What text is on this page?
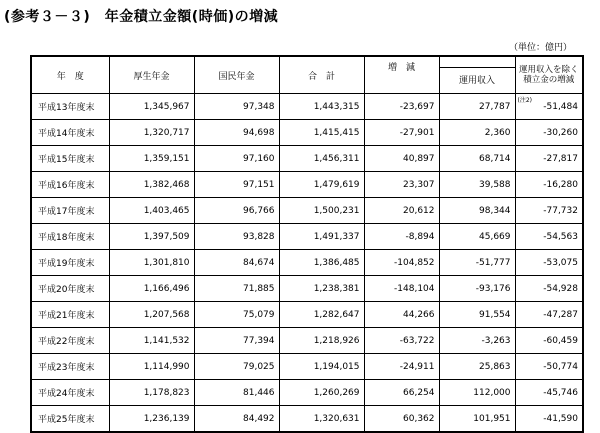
(参考３－３)　年金積立金額(時価)の増減
（単位：億円）
年　度	厚生年金	国民年金	合　計	増　減	運用収入	運用収入を除く積立金の増減

平成13年度末	1,345,967	97,348	1,443,315	-23,697	27,787	-51,484
(注2)

平成14年度末	1,320,717	94,698	1,415,415	-27,901	2,360	-30,260
平成15年度末	1,359,151	97,160	1,456,311	40,897	68,714	-27,817
平成16年度末	1,382,468	97,151	1,479,619	23,307	39,588	-16,280
平成17年度末	1,403,465	96,766	1,500,231	20,612	98,344	-77,732
平成18年度末	1,397,509	93,828	1,491,337	-8,894	45,669	-54,563
平成19年度末	1,301,810	84,674	1,386,485	-104,852	-51,777	-53,075
平成20年度末	1,166,496	71,885	1,238,381	-148,104	-93,176	-54,928
平成21年度末	1,207,568	75,079	1,282,647	44,266	91,554	-47,287
平成22年度末	1,141,532	77,394	1,218,926	-63,722	-3,263	-60,459
平成23年度末	1,114,990	79,025	1,194,015	-24,911	25,863	-50,774
平成24年度末	1,178,823	81,446	1,260,269	66,254	112,000	-45,746
平成25年度末	1,236,139	84,492	1,320,631	60,362	101,951	-41,590
